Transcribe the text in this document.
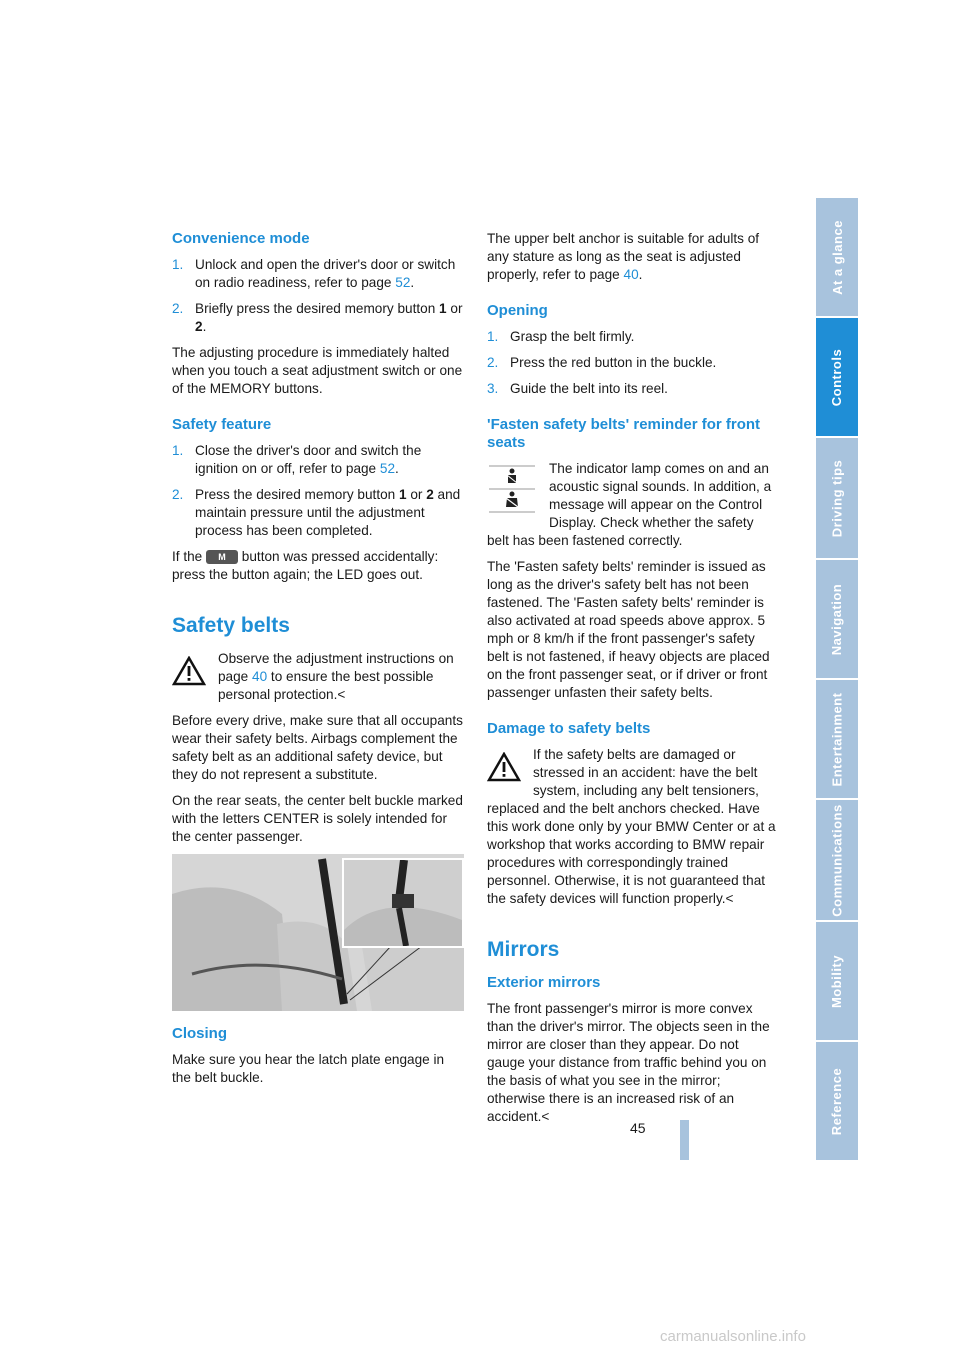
Convenience mode
1. Unlock and open the driver's door or switch on radio readiness, refer to page 52.
2. Briefly press the desired memory button 1 or 2.

The adjusting procedure is immediately halted when you touch a seat adjustment switch or one of the MEMORY buttons.

Safety feature
1. Close the driver's door and switch the ignition on or off, refer to page 52.
2. Press the desired memory button 1 or 2 and maintain pressure until the adjustment process has been completed.

If the M button was pressed accidentally: press the button again; the LED goes out.

Safety belts
Observe the adjustment instructions on page 40 to ensure the best possible personal protection.<

Before every drive, make sure that all occupants wear their safety belts. Airbags complement the safety belt as an additional safety device, but they do not represent a substitute.

On the rear seats, the center belt buckle marked with the letters CENTER is solely intended for the center passenger.

Closing

Make sure you hear the latch plate engage in the belt buckle.

The upper belt anchor is suitable for adults of any stature as long as the seat is adjusted properly, refer to page 40.

Opening
1. Grasp the belt firmly.
2. Press the red button in the buckle.
3. Guide the belt into its reel.
'Fasten safety belts' reminder for front seats
The indicator lamp comes on and an acoustic signal sounds. In addition, a message will appear on the Control Display. Check whether the safety belt has been fastened correctly.

The 'Fasten safety belts' reminder is issued as long as the driver's safety belt has not been fastened. The 'Fasten safety belts' reminder is also activated at road speeds above approx. 5 mph or 8 km/h if the front passenger's safety belt is not fastened, if heavy objects are placed on the front passenger seat, or if driver or front passenger unfasten their safety belts.

Damage to safety belts
If the safety belts are damaged or stressed in an accident: have the belt system, including any belt tensioners, replaced and the belt anchors checked. Have this work done only by your BMW Center or at a workshop that works according to BMW repair procedures with correspondingly trained personnel. Otherwise, it is not guaranteed that the safety devices will function properly.<
Mirrors
Exterior mirrors

The front passenger's mirror is more convex than the driver's mirror. The objects seen in the mirror are closer than they appear. Do not gauge your distance from traffic behind you on the basis of what you see in the mirror; otherwise there is an increased risk of an accident.<

At a glance
Controls
Driving tips
Navigation
Entertainment
Communications
Mobility
Reference
45
carmanualsonline.info
